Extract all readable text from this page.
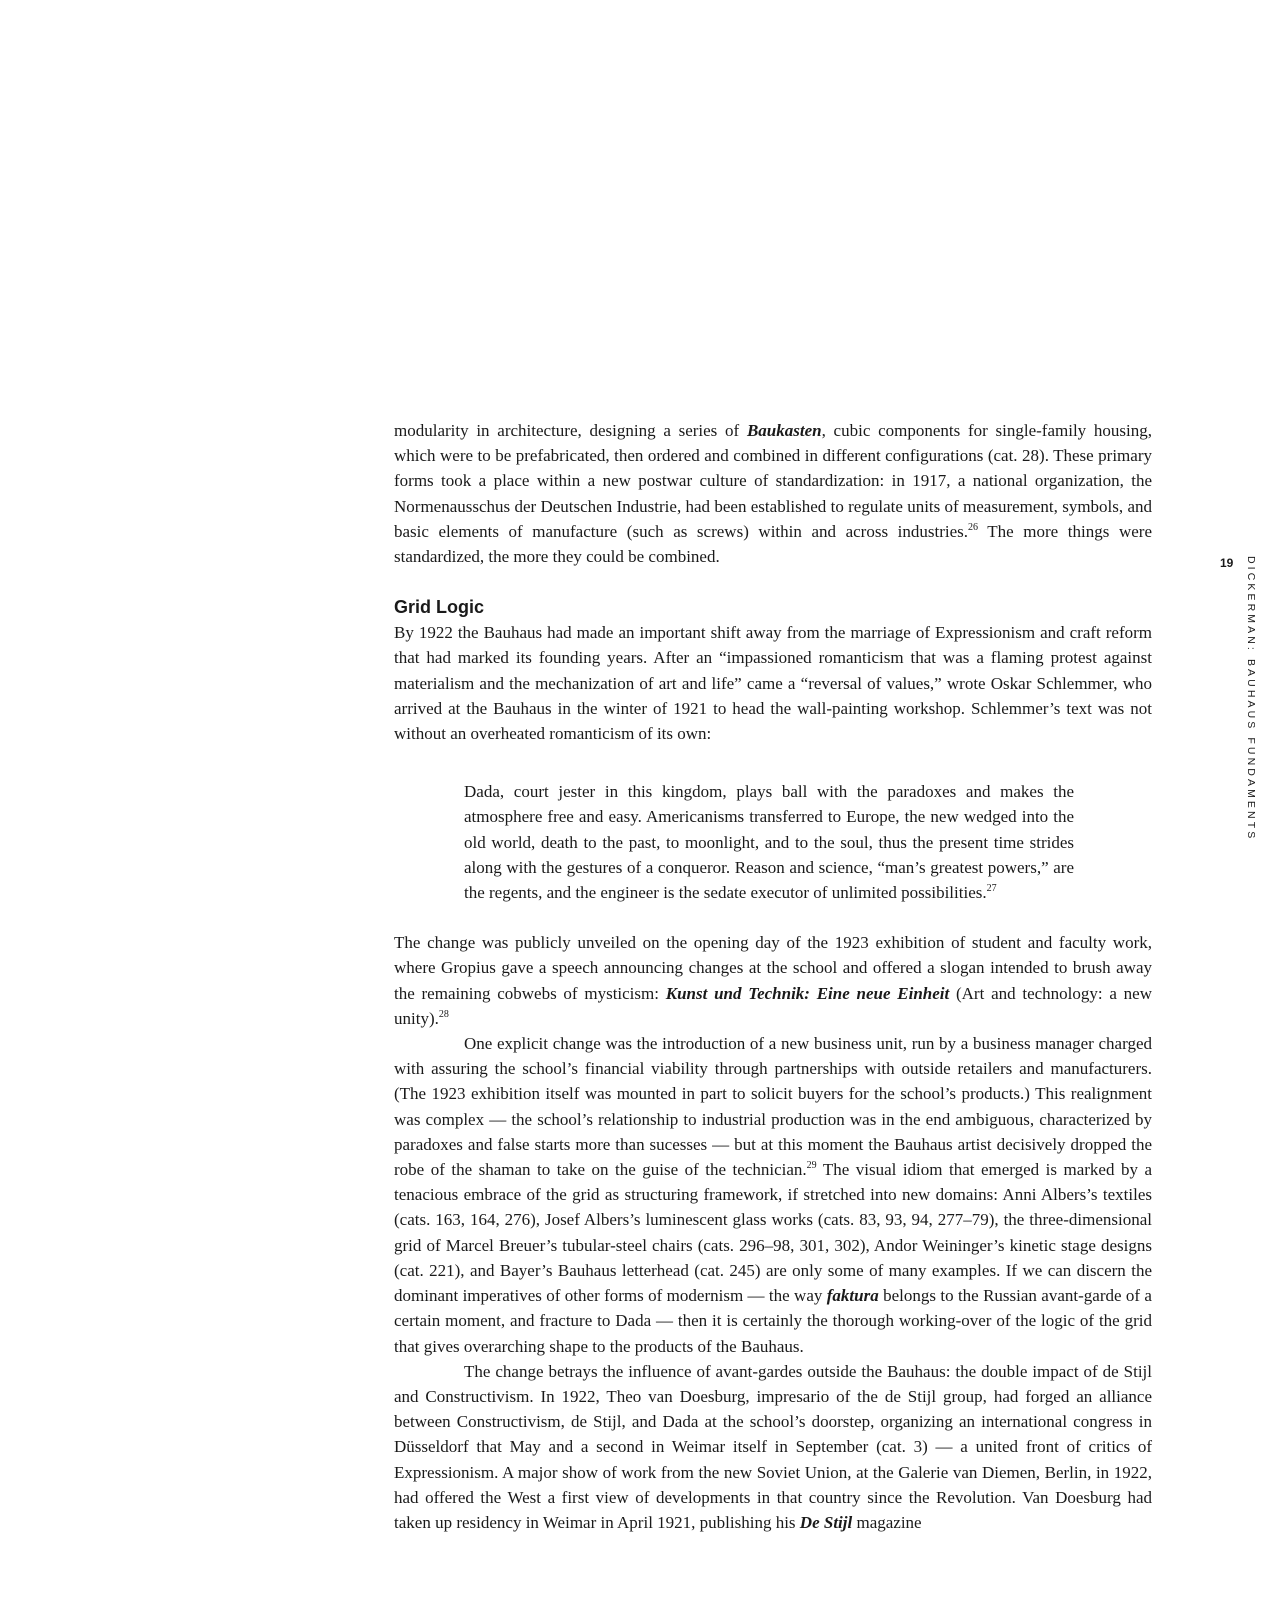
modularity in architecture, designing a series of Baukasten, cubic components for single-family housing, which were to be prefabricated, then ordered and combined in different configurations (cat. 28). These primary forms took a place within a new postwar culture of standardization: in 1917, a national organization, the Normenausschus der Deutschen Industrie, had been established to regulate units of measurement, symbols, and basic elements of manufacture (such as screws) within and across industries.$^{26}$ The more things were standardized, the more they could be combined.

Grid Logic

By 1922 the Bauhaus had made an important shift away from the marriage of Expressionism and craft reform that had marked its founding years. After an “impassioned romanticism that was a flaming protest against materialism and the mechanization of art and life” came a “reversal of values,” wrote Oskar Schlemmer, who arrived at the Bauhaus in the winter of 1921 to head the wall-painting workshop. Schlemmer’s text was not without an overheated romanticism of its own:

Dada, court jester in this kingdom, plays ball with the paradoxes and makes the atmosphere free and easy. Americanisms transferred to Europe, the new wedged into the old world, death to the past, to moonlight, and to the soul, thus the present time strides along with the gestures of a conqueror. Reason and science, “man’s greatest powers,” are the regents, and the engineer is the sedate executor of unlimited possibilities.$^{27}$

The change was publicly unveiled on the opening day of the 1923 exhibition of student and faculty work, where Gropius gave a speech announcing changes at the school and offered a slogan intended to brush away the remaining cobwebs of mysticism: Kunst und Technik: Eine neue Einheit (Art and technology: a new unity).$^{28}$

One explicit change was the introduction of a new business unit, run by a business manager charged with assuring the school’s financial viability through partnerships with outside retailers and manufacturers. (The 1923 exhibition itself was mounted in part to solicit buyers for the school’s products.) This realignment was complex — the school’s relationship to industrial production was in the end ambiguous, characterized by paradoxes and false starts more than sucesses — but at this moment the Bauhaus artist decisively dropped the robe of the shaman to take on the guise of the technician.$^{29}$ The visual idiom that emerged is marked by a tenacious embrace of the grid as structuring framework, if stretched into new domains: Anni Albers’s textiles (cats. 163, 164, 276), Josef Albers’s luminescent glass works (cats. 83, 93, 94, 277–79), the three-dimensional grid of Marcel Breuer’s tubular-steel chairs (cats. 296–98, 301, 302), Andor Weininger’s kinetic stage designs (cat. 221), and Bayer’s Bauhaus letterhead (cat. 245) are only some of many examples. If we can discern the dominant imperatives of other forms of modernism — the way faktura belongs to the Russian avant-garde of a certain moment, and fracture to Dada — then it is certainly the thorough working-over of the logic of the grid that gives overarching shape to the products of the Bauhaus.

The change betrays the influence of avant-gardes outside the Bauhaus: the double impact of de Stijl and Constructivism. In 1922, Theo van Doesburg, impresario of the de Stijl group, had forged an alliance between Constructivism, de Stijl, and Dada at the school’s doorstep, organizing an international congress in Düsseldorf that May and a second in Weimar itself in September (cat. 3) — a united front of critics of Expressionism. A major show of work from the new Soviet Union, at the Galerie van Diemen, Berlin, in 1922, had offered the West a first view of developments in that country since the Revolution. Van Doesburg had taken up residency in Weimar in April 1921, publishing his De Stijl magazine

19 DICKERMAN: BAUHAUS FUNDAMENTS
